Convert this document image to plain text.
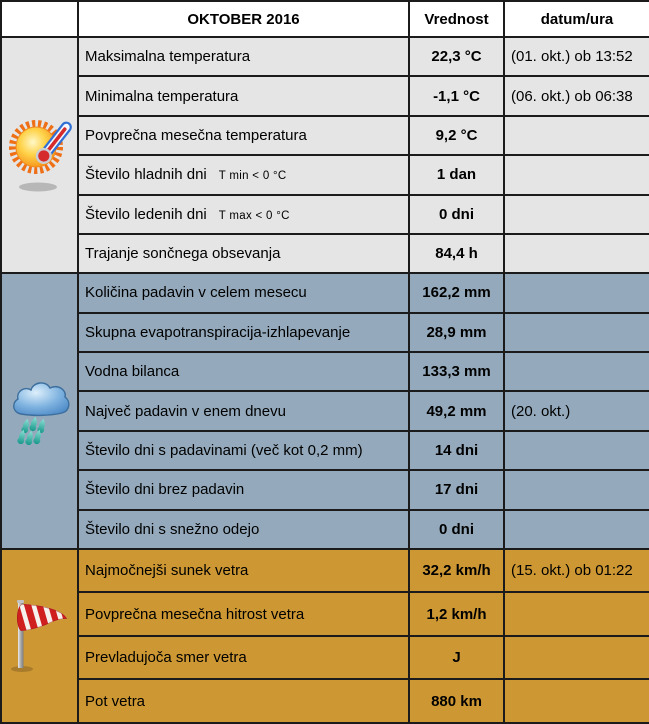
	OKTOBER 2016	Vrednost	datum/ura

	Maksimalna temperatura	22,3 °C	(01. okt.) ob 13:52
	Minimalna temperatura	-1,1 °C	(06. okt.) ob 06:38
	Povprečna mesečna temperatura	9,2 °C	
	Število hladnih dni T min < 0 °C	1 dan	
	Število ledenih dni T max < 0 °C	0 dni	
	Trajanje sončnega obsevanja	84,4 h	

	Količina padavin v celem mesecu	162,2 mm	
	Skupna evapotranspiracija-izhlapevanje	28,9 mm	
	Vodna bilanca	133,3 mm	
	Največ padavin v enem dnevu	49,2 mm	(20. okt.)
	Število dni s padavinami (več kot 0,2 mm)	14 dni	
	Število dni brez padavin	17 dni	
	Število dni s snežno odejo	0 dni	

	Najmočnejši sunek vetra	32,2 km/h	(15. okt.) ob 01:22
	Povprečna mesečna hitrost vetra	1,2 km/h	
	Prevladujoča smer vetra	J	
	Pot vetra	880 km	
